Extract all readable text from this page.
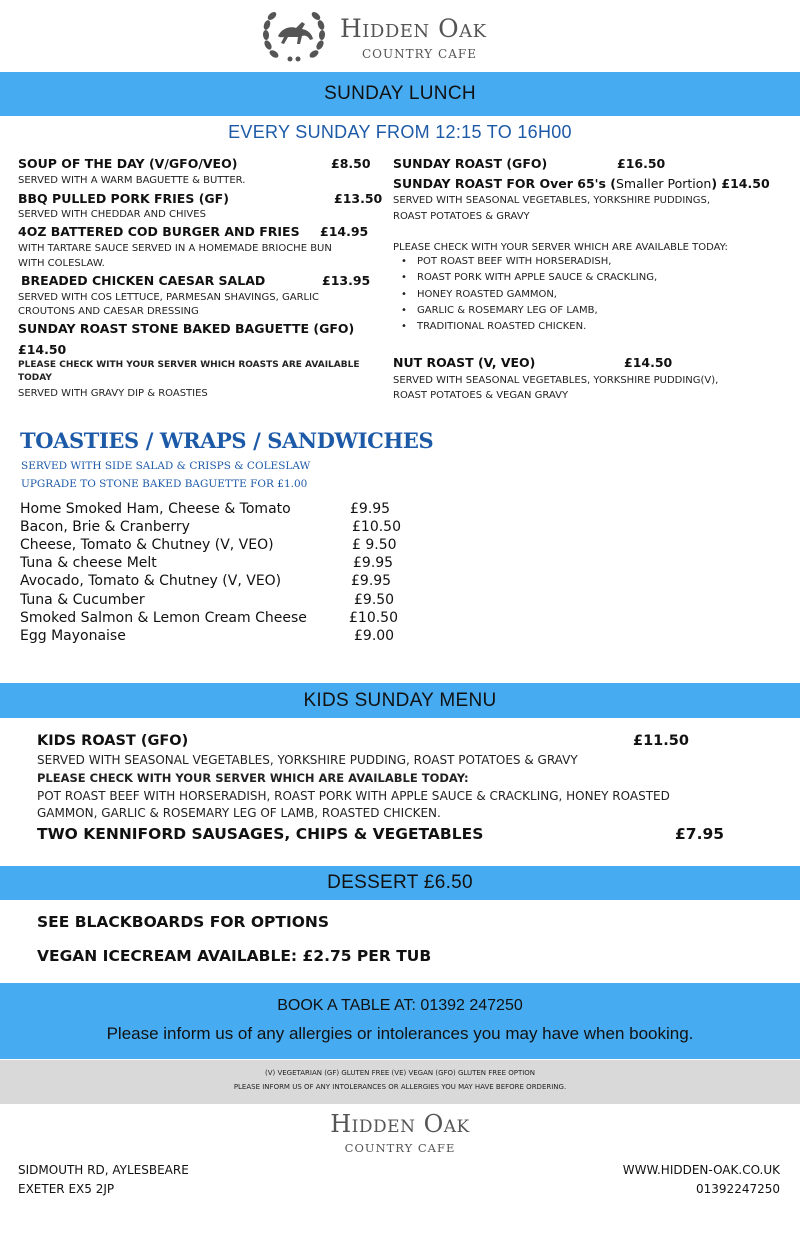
Hidden Oak
COUNTRY CAFE
SUNDAY LUNCH
EVERY SUNDAY FROM 12:15 TO 16H00
SOUP OF THE DAY (V/GFO/VEO)	£8.50
SERVED WITH A WARM BAGUETTE & BUTTER.
BBQ PULLED PORK FRIES (GF)	£13.50
SERVED WITH CHEDDAR AND CHIVES
4OZ BATTERED COD BURGER AND FRIES £14.95
WITH TARTARE SAUCE SERVED IN A HOMEMADE BRIOCHE BUN
WITH COLESLAW.
BREADED CHICKEN CAESAR SALAD	£13.95
SERVED WITH COS LETTUCE, PARMESAN SHAVINGS, GARLIC
CROUTONS AND CAESAR DRESSING
SUNDAY ROAST STONE BAKED BAGUETTE (GFO)
£14.50
PLEASE CHECK WITH YOUR SERVER WHICH ROASTS ARE AVAILABLE
TODAY
SERVED WITH GRAVY DIP & ROASTIES
SUNDAY ROAST (GFO)	£16.50
SUNDAY ROAST FOR Over 65's (Smaller Portion) £14.50
SERVED WITH SEASONAL VEGETABLES, YORKSHIRE PUDDINGS,
ROAST POTATOES & GRAVY
PLEASE CHECK WITH YOUR SERVER WHICH ARE AVAILABLE TODAY:
• POT ROAST BEEF WITH HORSERADISH,
• ROAST PORK WITH APPLE SAUCE & CRACKLING,
• HONEY ROASTED GAMMON,
• GARLIC & ROSEMARY LEG OF LAMB,
• TRADITIONAL ROASTED CHICKEN.
NUT ROAST (V, VEO)	£14.50
SERVED WITH SEASONAL VEGETABLES, YORKSHIRE PUDDING(V),
ROAST POTATOES & VEGAN GRAVY
TOASTIES / WRAPS / SANDWICHES
SERVED WITH SIDE SALAD & CRISPS & COLESLAW
UPGRADE TO STONE BAKED BAGUETTE FOR £1.00
Home Smoked Ham, Cheese & Tomato	£9.95
Bacon, Brie & Cranberry	£10.50
Cheese, Tomato & Chutney (V, VEO)	£ 9.50
Tuna & cheese Melt	£9.95
Avocado, Tomato & Chutney (V, VEO)	£9.95
Tuna & Cucumber	£9.50
Smoked Salmon & Lemon Cream Cheese	£10.50
Egg Mayonaise	£9.00
KIDS SUNDAY MENU
KIDS ROAST (GFO)	£11.50
SERVED WITH SEASONAL VEGETABLES, YORKSHIRE PUDDING, ROAST POTATOES & GRAVY
PLEASE CHECK WITH YOUR SERVER WHICH ARE AVAILABLE TODAY:
POT ROAST BEEF WITH HORSERADISH, ROAST PORK WITH APPLE SAUCE & CRACKLING, HONEY ROASTED
GAMMON, GARLIC & ROSEMARY LEG OF LAMB, ROASTED CHICKEN.
TWO KENNIFORD SAUSAGES, CHIPS & VEGETABLES	£7.95
DESSERT £6.50
SEE BLACKBOARDS FOR OPTIONS
VEGAN ICECREAM AVAILABLE: £2.75 PER TUB
BOOK A TABLE AT: 01392 247250
Please inform us of any allergies or intolerances you may have when booking.
(V) VEGETARIAN (GF) GLUTEN FREE (VE) VEGAN (GFO) GLUTEN FREE OPTION
PLEASE INFORM US OF ANY INTOLERANCES OR ALLERGIES YOU MAY HAVE BEFORE ORDERING.
Hidden Oak
COUNTRY CAFE
SIDMOUTH RD, AYLESBEARE
EXETER EX5 2JP
WWW.HIDDEN-OAK.CO.UK
01392247250
